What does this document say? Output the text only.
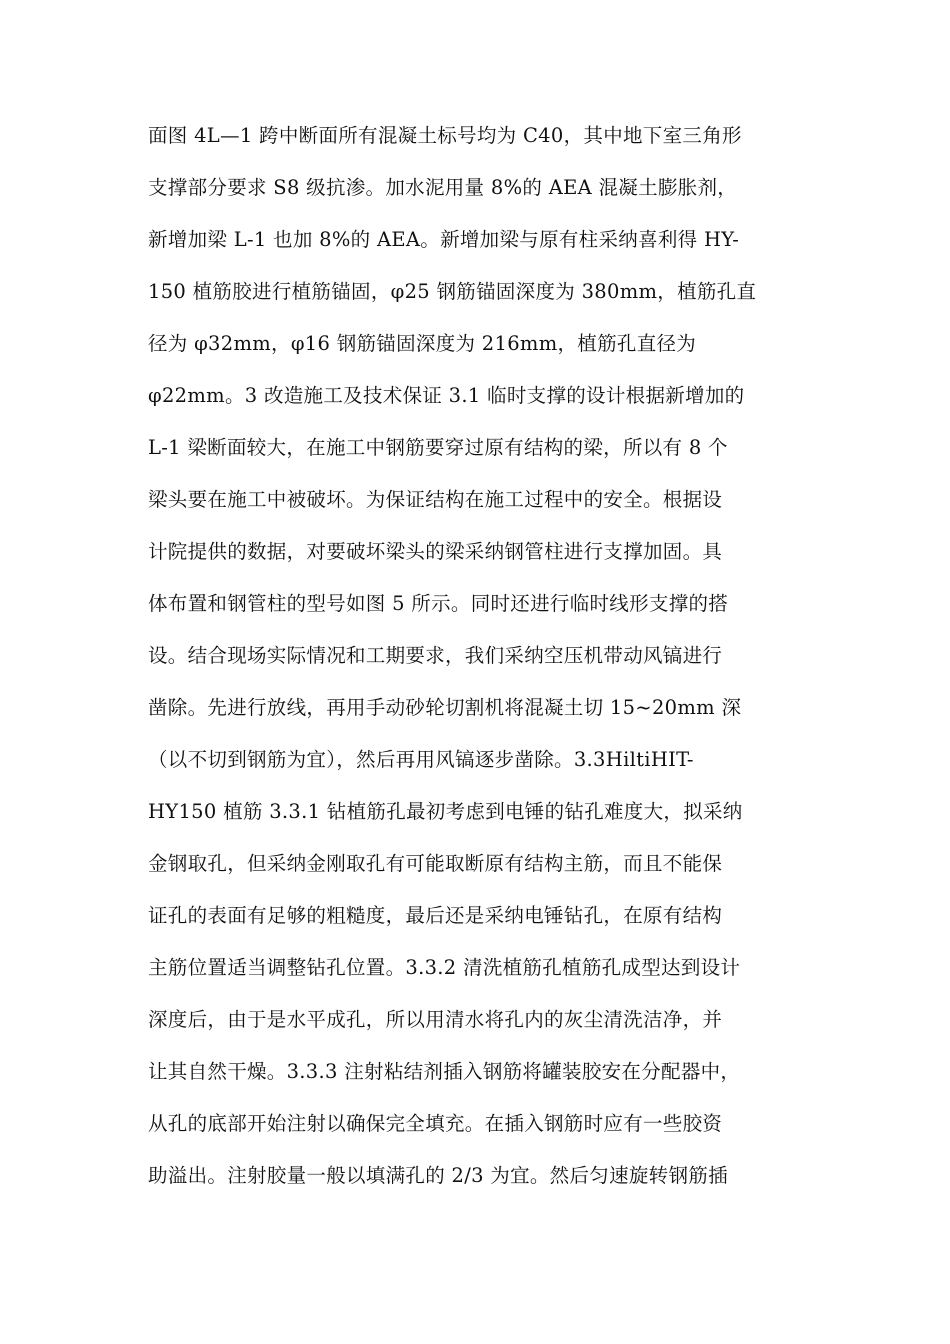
面图 4L—1 跨中断面所有混凝土标号均为 C40，其中地下室三角形
支撑部分要求 S8 级抗渗。加水泥用量 8%的 AEA 混凝土膨胀剂，
新增加梁 L-1 也加 8%的 AEA。新增加梁与原有柱采纳喜利得 HY-
150 植筋胶进行植筋锚固，φ25 钢筋锚固深度为 380mm，植筋孔直
径为 φ32mm，φ16 钢筋锚固深度为 216mm，植筋孔直径为
φ22mm。3 改造施工及技术保证 3.1 临时支撑的设计根据新增加的
L-1 梁断面较大，在施工中钢筋要穿过原有结构的梁，所以有 8 个
梁头要在施工中被破坏。为保证结构在施工过程中的安全。根据设
计院提供的数据，对要破坏梁头的梁采纳钢管柱进行支撑加固。具
体布置和钢管柱的型号如图 5 所示。同时还进行临时线形支撑的搭
设。结合现场实际情况和工期要求，我们采纳空压机带动风镐进行
凿除。先进行放线，再用手动砂轮切割机将混凝土切 15~20mm 深
（以不切到钢筋为宜），然后再用风镐逐步凿除。3.3HiltiHIT-
HY150 植筋 3.3.1 钻植筋孔最初考虑到电锤的钻孔难度大，拟采纳
金钢取孔，但采纳金刚取孔有可能取断原有结构主筋，而且不能保
证孔的表面有足够的粗糙度，最后还是采纳电锤钻孔，在原有结构
主筋位置适当调整钻孔位置。3.3.2 清洗植筋孔植筋孔成型达到设计
深度后，由于是水平成孔，所以用清水将孔内的灰尘清洗洁净，并
让其自然干燥。3.3.3 注射粘结剂插入钢筋将罐装胶安在分配器中，
从孔的底部开始注射以确保完全填充。在插入钢筋时应有一些胶资
助溢出。注射胶量一般以填满孔的 2/3 为宜。然后匀速旋转钢筋插
